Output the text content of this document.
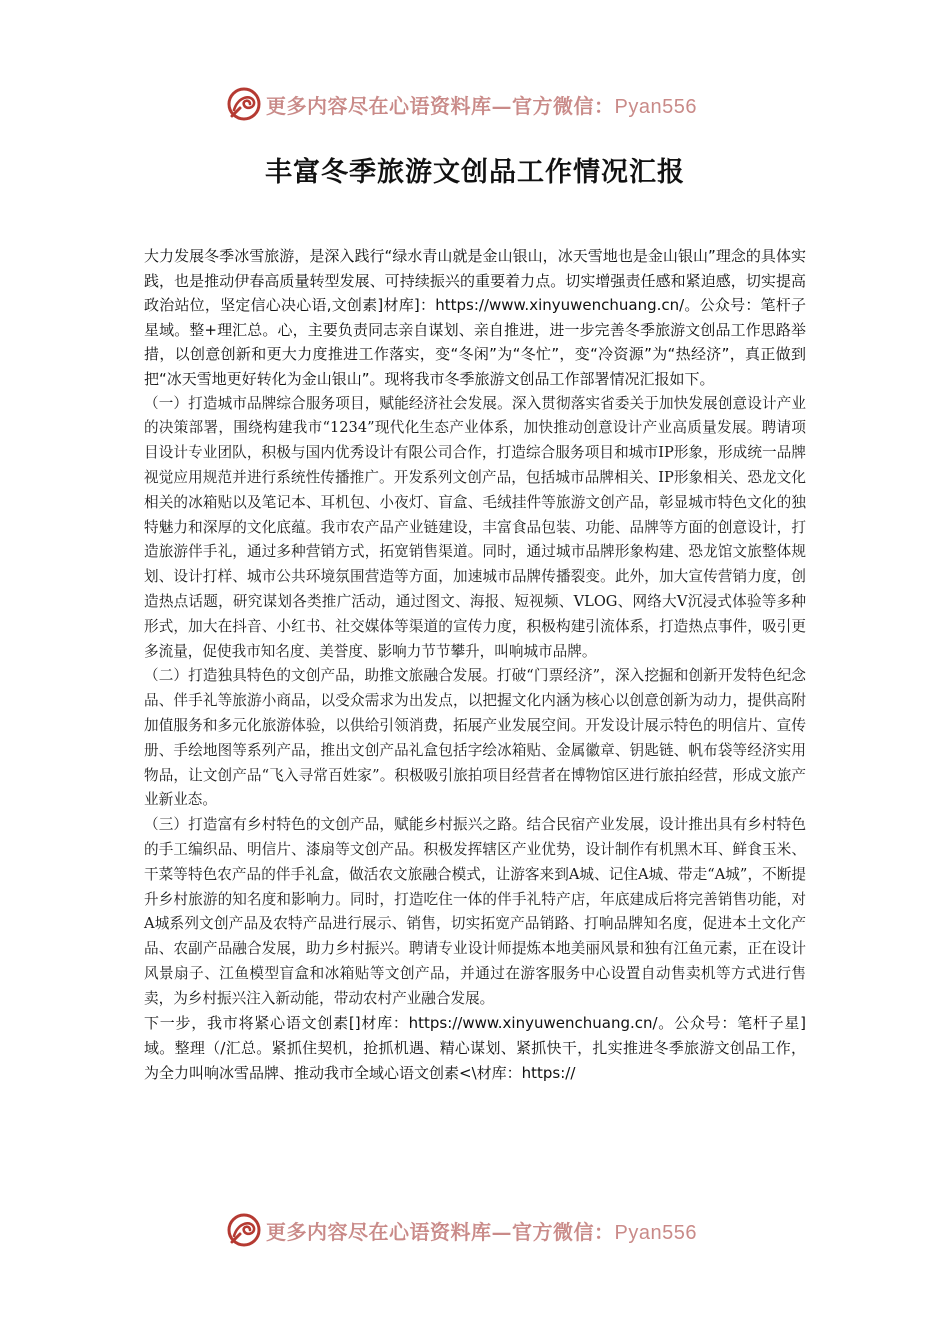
更多内容尽在心语资料库—官方微信：Pyan556
丰富冬季旅游文创品工作情况汇报

大力发展冬季冰雪旅游，是深入践行“绿水青山就是金山银山，冰天雪地也是金山银山”理念的具体实践，也是推动伊春高质量转型发展、可持续振兴的重要着力点。切实增强责任感和紧迫感，切实提高政治站位，坚定信心决心语,文创素]材库]：https://www.xinyuwenchuang.cn/。公众号：笔杆子星域。整+理汇总。心，主要负责同志亲自谋划、亲自推进，进一步完善冬季旅游文创品工作思路举措，以创意创新和更大力度推进工作落实，变“冬闲”为“冬忙”，变“冷资源”为“热经济”，真正做到把“冰天雪地更好转化为金山银山”。现将我市冬季旅游文创品工作部署情况汇报如下。

（一）打造城市品牌综合服务项目，赋能经济社会发展。深入贯彻落实省委关于加快发展创意设计产业的决策部署，围绕构建我市“1234”现代化生态产业体系，加快推动创意设计产业高质量发展。聘请项目设计专业团队，积极与国内优秀设计有限公司合作，打造综合服务项目和城市IP形象，形成统一品牌视觉应用规范并进行系统性传播推广。开发系列文创产品，包括城市品牌相关、IP形象相关、恐龙文化相关的冰箱贴以及笔记本、耳机包、小夜灯、盲盒、毛绒挂件等旅游文创产品，彰显城市特色文化的独特魅力和深厚的文化底蕴。我市农产品产业链建设，丰富食品包装、功能、品牌等方面的创意设计，打造旅游伴手礼，通过多种营销方式，拓宽销售渠道。同时，通过城市品牌形象构建、恐龙馆文旅整体规划、设计打样、城市公共环境氛围营造等方面，加速城市品牌传播裂变。此外，加大宣传营销力度，创造热点话题，研究谋划各类推广活动，通过图文、海报、短视频、VLOG、网络大V沉浸式体验等多种形式，加大在抖音、小红书、社交媒体等渠道的宣传力度，积极构建引流体系，打造热点事件，吸引更多流量，促使我市知名度、美誉度、影响力节节攀升，叫响城市品牌。

（二）打造独具特色的文创产品，助推文旅融合发展。打破“门票经济”，深入挖掘和创新开发特色纪念品、伴手礼等旅游小商品，以受众需求为出发点，以把握文化内涵为核心以创意创新为动力，提供高附加值服务和多元化旅游体验，以供给引领消费，拓展产业发展空间。开发设计展示特色的明信片、宣传册、手绘地图等系列产品，推出文创产品礼盒包括字绘冰箱贴、金属徽章、钥匙链、帆布袋等经济实用物品，让文创产品“飞入寻常百姓家”。积极吸引旅拍项目经营者在博物馆区进行旅拍经营，形成文旅产业新业态。

（三）打造富有乡村特色的文创产品，赋能乡村振兴之路。结合民宿产业发展，设计推出具有乡村特色的手工编织品、明信片、漆扇等文创产品。积极发挥辖区产业优势，设计制作有机黑木耳、鲜食玉米、干菜等特色农产品的伴手礼盒，做活农文旅融合模式，让游客来到A城、记住A城、带走“A城”，不断提升乡村旅游的知名度和影响力。同时，打造吃住一体的伴手礼特产店，年底建成后将完善销售功能，对A城系列文创产品及农特产品进行展示、销售，切实拓宽产品销路、打响品牌知名度，促进本土文化产品、农副产品融合发展，助力乡村振兴。聘请专业设计师提炼本地美丽风景和独有江鱼元素，正在设计风景扇子、江鱼模型盲盒和冰箱贴等文创产品，并通过在游客服务中心设置自动售卖机等方式进行售卖，为乡村振兴注入新动能，带动农村产业融合发展。

下一步，我市将紧心语文创素[]材库：https://www.xinyuwenchuang.cn/。公众号：笔杆子星]域。整理（/汇总。紧抓住契机，抢抓机遇、精心谋划、紧抓快干，扎实推进冬季旅游文创品工作，为全力叫响冰雪品牌、推动我市全域心语文创素<\材库：https://

更多内容尽在心语资料库—官方微信：Pyan556
